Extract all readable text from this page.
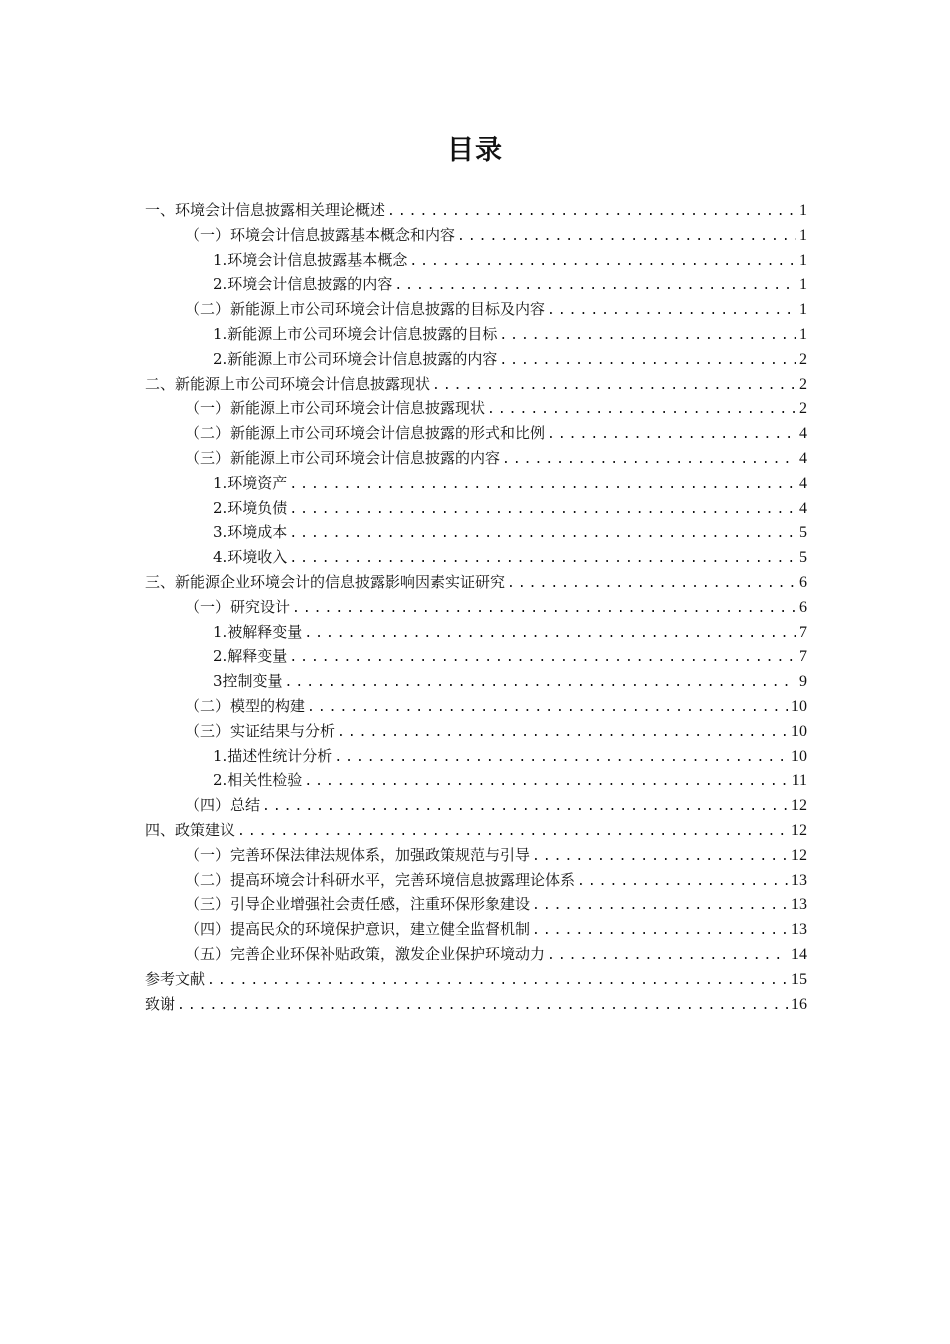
目录
一、环境会计信息披露相关理论概述 .....	1
（一）环境会计信息披露基本概念和内容 .....	1
1.环境会计信息披露基本概念 .....	1
2.环境会计信息披露的内容 .....	1
（二）新能源上市公司环境会计信息披露的目标及内容 .....	1
1.新能源上市公司环境会计信息披露的目标 .....	1
2.新能源上市公司环境会计信息披露的内容 .....	2
二、新能源上市公司环境会计信息披露现状 .....	2
（一）新能源上市公司环境会计信息披露现状 .....	2
（二）新能源上市公司环境会计信息披露的形式和比例 .....	4
（三）新能源上市公司环境会计信息披露的内容 .....	4
1.环境资产 .....	4
2.环境负债 .....	4
3.环境成本 .....	5
4.环境收入 .....	5
三、新能源企业环境会计的信息披露影响因素实证研究 .....	6
（一）研究设计 .....	6
1.被解释变量 .....	7
2.解释变量 .....	7
3控制变量 .....	9
（二）模型的构建 .....	10
（三）实证结果与分析 .....	10
1.描述性统计分析 .....	10
2.相关性检验 .....	11
（四）总结 .....	12
四、政策建议 .....	12
（一）完善环保法律法规体系，加强政策规范与引导 .....	12
（二）提高环境会计科研水平，完善环境信息披露理论体系 .....	13
（三）引导企业增强社会责任感，注重环保形象建设 .....	13
（四）提高民众的环境保护意识，建立健全监督机制 .....	13
（五）完善企业环保补贴政策，激发企业保护环境动力 .....	14
参考文献 .....	15
致谢 .....	16
